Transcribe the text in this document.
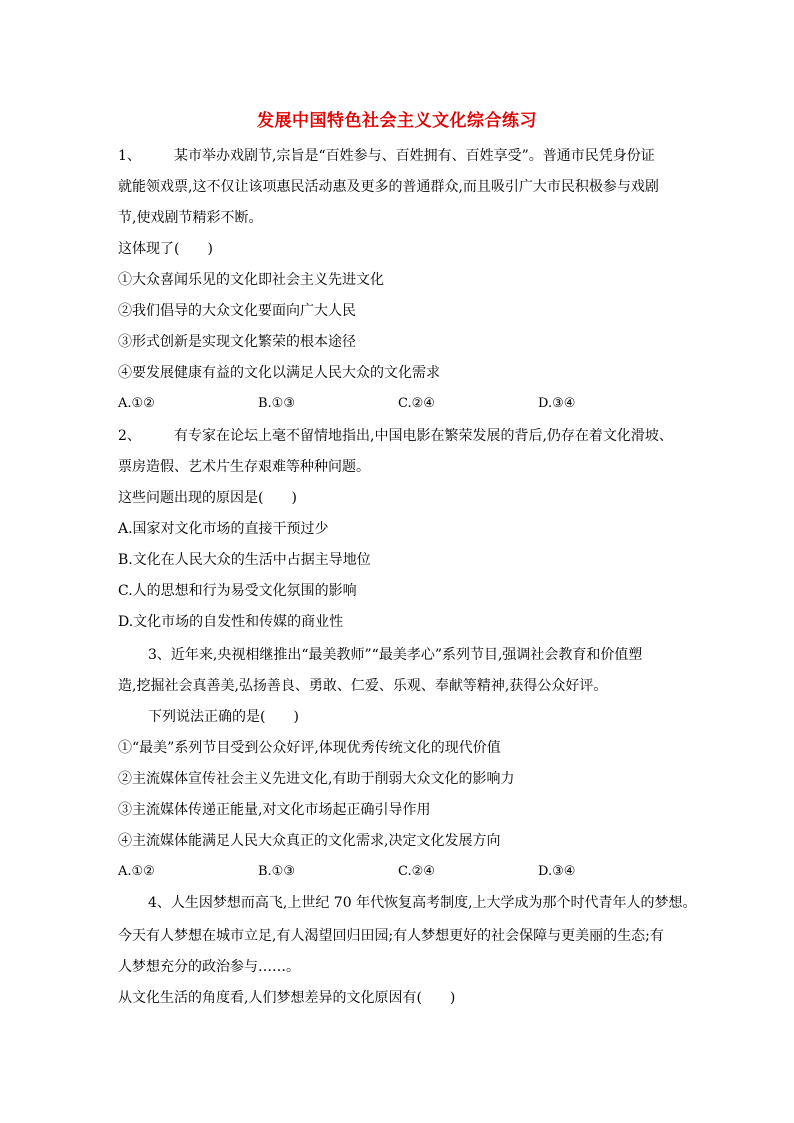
发展中国特色社会主义文化综合练习
1、 某市举办戏剧节,宗旨是“百姓参与、百姓拥有、百姓享受”。普通市民凭身份证
就能领戏票,这不仅让该项惠民活动惠及更多的普通群众,而且吸引广大市民积极参与戏剧
节,使戏剧节精彩不断。
这体现了(　　)
①大众喜闻乐见的文化即社会主义先进文化
②我们倡导的大众文化要面向广大人民
③形式创新是实现文化繁荣的根本途径
④要发展健康有益的文化以满足人民大众的文化需求
A.①②	B.①③	C.②④	D.③④
2、 有专家在论坛上毫不留情地指出,中国电影在繁荣发展的背后,仍存在着文化滑坡、
票房造假、艺术片生存艰难等种种问题。
这些问题出现的原因是(　　)
A.国家对文化市场的直接干预过少
B.文化在人民大众的生活中占据主导地位
C.人的思想和行为易受文化氛围的影响
D.文化市场的自发性和传媒的商业性
3、近年来,央视相继推出“最美教师”“最美孝心”系列节目,强调社会教育和价值塑
造,挖掘社会真善美,弘扬善良、勇敢、仁爱、乐观、奉献等精神,获得公众好评。
下列说法正确的是(　　)
①“最美”系列节目受到公众好评,体现优秀传统文化的现代价值
②主流媒体宣传社会主义先进文化,有助于削弱大众文化的影响力
③主流媒体传递正能量,对文化市场起正确引导作用
④主流媒体能满足人民大众真正的文化需求,决定文化发展方向
A.①②	B.①③	C.②④	D.③④
4、人生因梦想而高飞,上世纪 70 年代恢复高考制度,上大学成为那个时代青年人的梦想。
今天有人梦想在城市立足,有人渴望回归田园;有人梦想更好的社会保障与更美丽的生态;有
人梦想充分的政治参与……。
从文化生活的角度看,人们梦想差异的文化原因有(　　)
